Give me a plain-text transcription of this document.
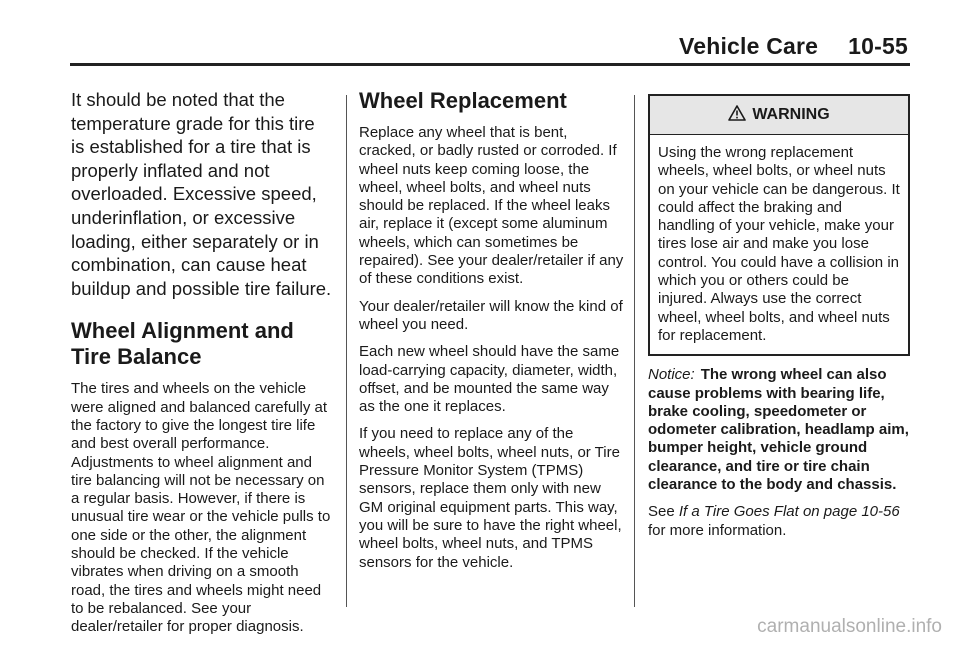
Vehicle Care 10-55

It should be noted that the temperature grade for this tire is established for a tire that is properly inflated and not overloaded. Excessive speed, underinflation, or excessive loading, either separately or in combination, can cause heat buildup and possible tire failure.

Wheel Alignment and Tire Balance

The tires and wheels on the vehicle were aligned and balanced carefully at the factory to give the longest tire life and best overall performance. Adjustments to wheel alignment and tire balancing will not be necessary on a regular basis. However, if there is unusual tire wear or the vehicle pulls to one side or the other, the alignment should be checked. If the vehicle vibrates when driving on a smooth road, the tires and wheels might need to be rebalanced. See your dealer/retailer for proper diagnosis.

Wheel Replacement

Replace any wheel that is bent, cracked, or badly rusted or corroded. If wheel nuts keep coming loose, the wheel, wheel bolts, and wheel nuts should be replaced. If the wheel leaks air, replace it (except some aluminum wheels, which can sometimes be repaired). See your dealer/retailer if any of these conditions exist.

Your dealer/retailer will know the kind of wheel you need.

Each new wheel should have the same load-carrying capacity, diameter, width, offset, and be mounted the same way as the one it replaces.

If you need to replace any of the wheels, wheel bolts, wheel nuts, or Tire Pressure Monitor System (TPMS) sensors, replace them only with new GM original equipment parts. This way, you will be sure to have the right wheel, wheel bolts, wheel nuts, and TPMS sensors for the vehicle.

WARNING
Using the wrong replacement wheels, wheel bolts, or wheel nuts on your vehicle can be dangerous. It could affect the braking and handling of your vehicle, make your tires lose air and make you lose control. You could have a collision in which you or others could be injured. Always use the correct wheel, wheel bolts, and wheel nuts for replacement.

Notice: The wrong wheel can also cause problems with bearing life, brake cooling, speedometer or odometer calibration, headlamp aim, bumper height, vehicle ground clearance, and tire or tire chain clearance to the body and chassis.

See If a Tire Goes Flat on page 10-56 for more information.

carmanualsonline.info
